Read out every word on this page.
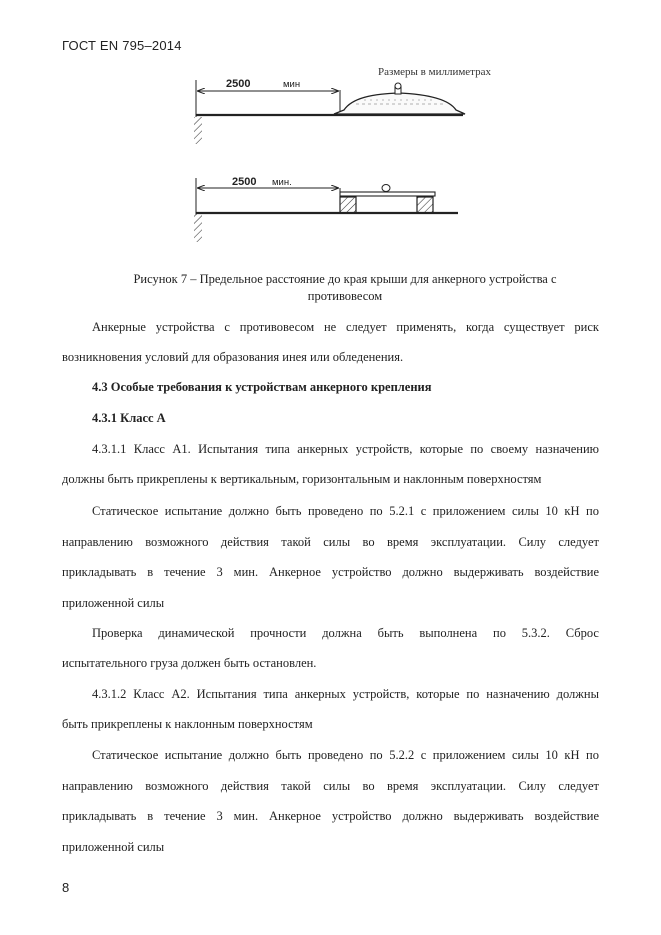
ГОСТ EN 795–2014
Размеры в миллиметрах
2500	мин
2500 мин.
Рисунок 7 – Предельное расстояние до края крыши для анкерного устройства с
противовесом

Анкерные устройства с противовесом не следует применять, когда существует риск

возникновения условий для образования инея или обледенения.

4.3 Особые требования к устройствам анкерного крепления

4.3.1 Класс А

4.3.1.1 Класс А1. Испытания типа анкерных устройств, которые по своему назначению

должны быть прикреплены к вертикальным, горизонтальным и наклонным поверхностям

Статическое испытание должно быть проведено по 5.2.1 с приложением силы 10 кН по

направлению возможного действия такой силы во время эксплуатации. Силу следует

прикладывать в течение 3 мин. Анкерное устройство должно выдерживать воздействие

приложенной силы

Проверка динамической прочности должна быть выполнена по 5.3.2. Сброс

испытательного груза должен быть остановлен.

4.3.1.2 Класс А2. Испытания типа анкерных устройств, которые по назначению должны

быть прикреплены к наклонным поверхностям

Статическое испытание должно быть проведено по 5.2.2 с приложением силы 10 кН по

направлению возможного действия такой силы во время эксплуатации. Силу следует

прикладывать в течение 3 мин. Анкерное устройство должно выдерживать воздействие

приложенной силы

8
